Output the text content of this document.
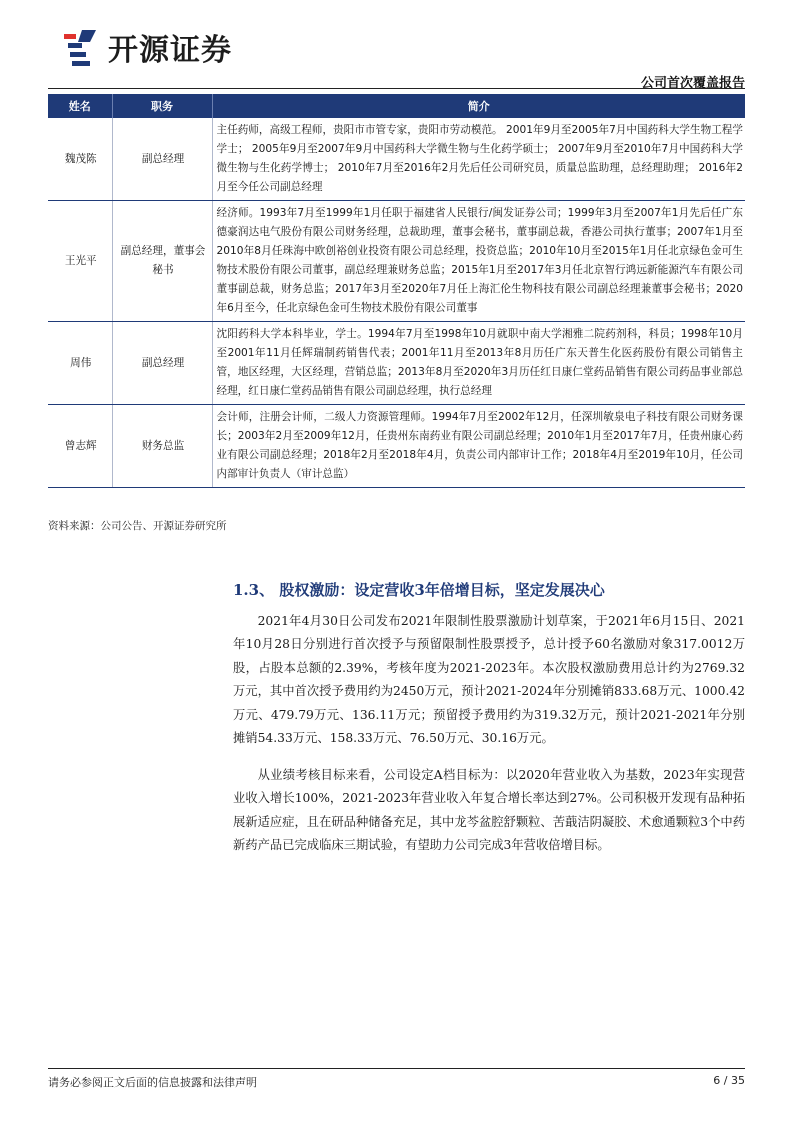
开源证券
公司首次覆盖报告
姓名	职务	简介
魏茂陈	副总经理	主任药师，高级工程师，贵阳市市管专家，贵阳市劳动模范。 2001年9月至2005年7月中国药科大学生物工程学学士； 2005年9月至2007年9月中国药科大学微生物与生化药学硕士； 2007年9月至2010年7月中国药科大学微生物与生化药学博士； 2010年7月至2016年2月先后任公司研究员，质量总监助理，总经理助理； 2016年2月至今任公司副总经理
王光平	副总经理，董事会秘书	经济师。1993年7月至1999年1月任职于福建省人民银行/闽发证券公司；1999年3月至2007年1月先后任广东德豪润达电气股份有限公司财务经理，总裁助理，董事会秘书，董事副总裁，香港公司执行董事；2007年1月至2010年8月任珠海中欧创裕创业投资有限公司总经理，投资总监；2010年10月至2015年1月任北京绿色金可生物技术股份有限公司董事，副总经理兼财务总监；2015年1月至2017年3月任北京智行鸿远新能源汽车有限公司董事副总裁，财务总监；2017年3月至2020年7月任上海汇伦生物科技有限公司副总经理兼董事会秘书；2020年6月至今，任北京绿色金可生物技术股份有限公司董事
周伟	副总经理	沈阳药科大学本科毕业，学士。1994年7月至1998年10月就职中南大学湘雅二院药剂科，科员；1998年10月至2001年11月任辉瑞制药销售代表；2001年11月至2013年8月历任广东天普生化医药股份有限公司销售主管，地区经理，大区经理，营销总监；2013年8月至2020年3月历任红日康仁堂药品销售有限公司药品事业部总经理，红日康仁堂药品销售有限公司副总经理，执行总经理
曾志辉	财务总监	会计师，注册会计师，二级人力资源管理师。1994年7月至2002年12月，任深圳敏泉电子科技有限公司财务课长；2003年2月至2009年12月，任贵州东南药业有限公司副总经理；2010年1月至2017年7月，任贵州康心药业有限公司副总经理；2018年2月至2018年4月，负责公司内部审计工作；2018年4月至2019年10月，任公司内部审计负责人（审计总监）
资料来源：公司公告、开源证券研究所
1.3、 股权激励：设定营收3年倍增目标，坚定发展决心

2021年4月30日公司发布2021年限制性股票激励计划草案，于2021年6月15日、2021年10月28日分别进行首次授予与预留限制性股票授予，总计授予60名激励对象317.0012万股，占股本总额的2.39%，考核年度为2021-2023年。本次股权激励费用总计约为2769.32万元，其中首次授予费用约为2450万元，预计2021-2024年分别摊销833.68万元、1000.42万元、479.79万元、136.11万元；预留授予费用约为319.32万元，预计2021-2021年分别摊销54.33万元、158.33万元、76.50万元、30.16万元。

从业绩考核目标来看，公司设定A档目标为：以2020年营业收入为基数，2023年实现营业收入增长100%，2021-2023年营业收入年复合增长率达到27%。公司积极开发现有品种拓展新适应症，且在研品种储备充足，其中龙芩盆腔舒颗粒、苦蕺洁阴凝胶、术愈通颗粒3个中药新药产品已完成临床三期试验，有望助力公司完成3年营收倍增目标。

请务必参阅正文后面的信息披露和法律声明	6 / 35
